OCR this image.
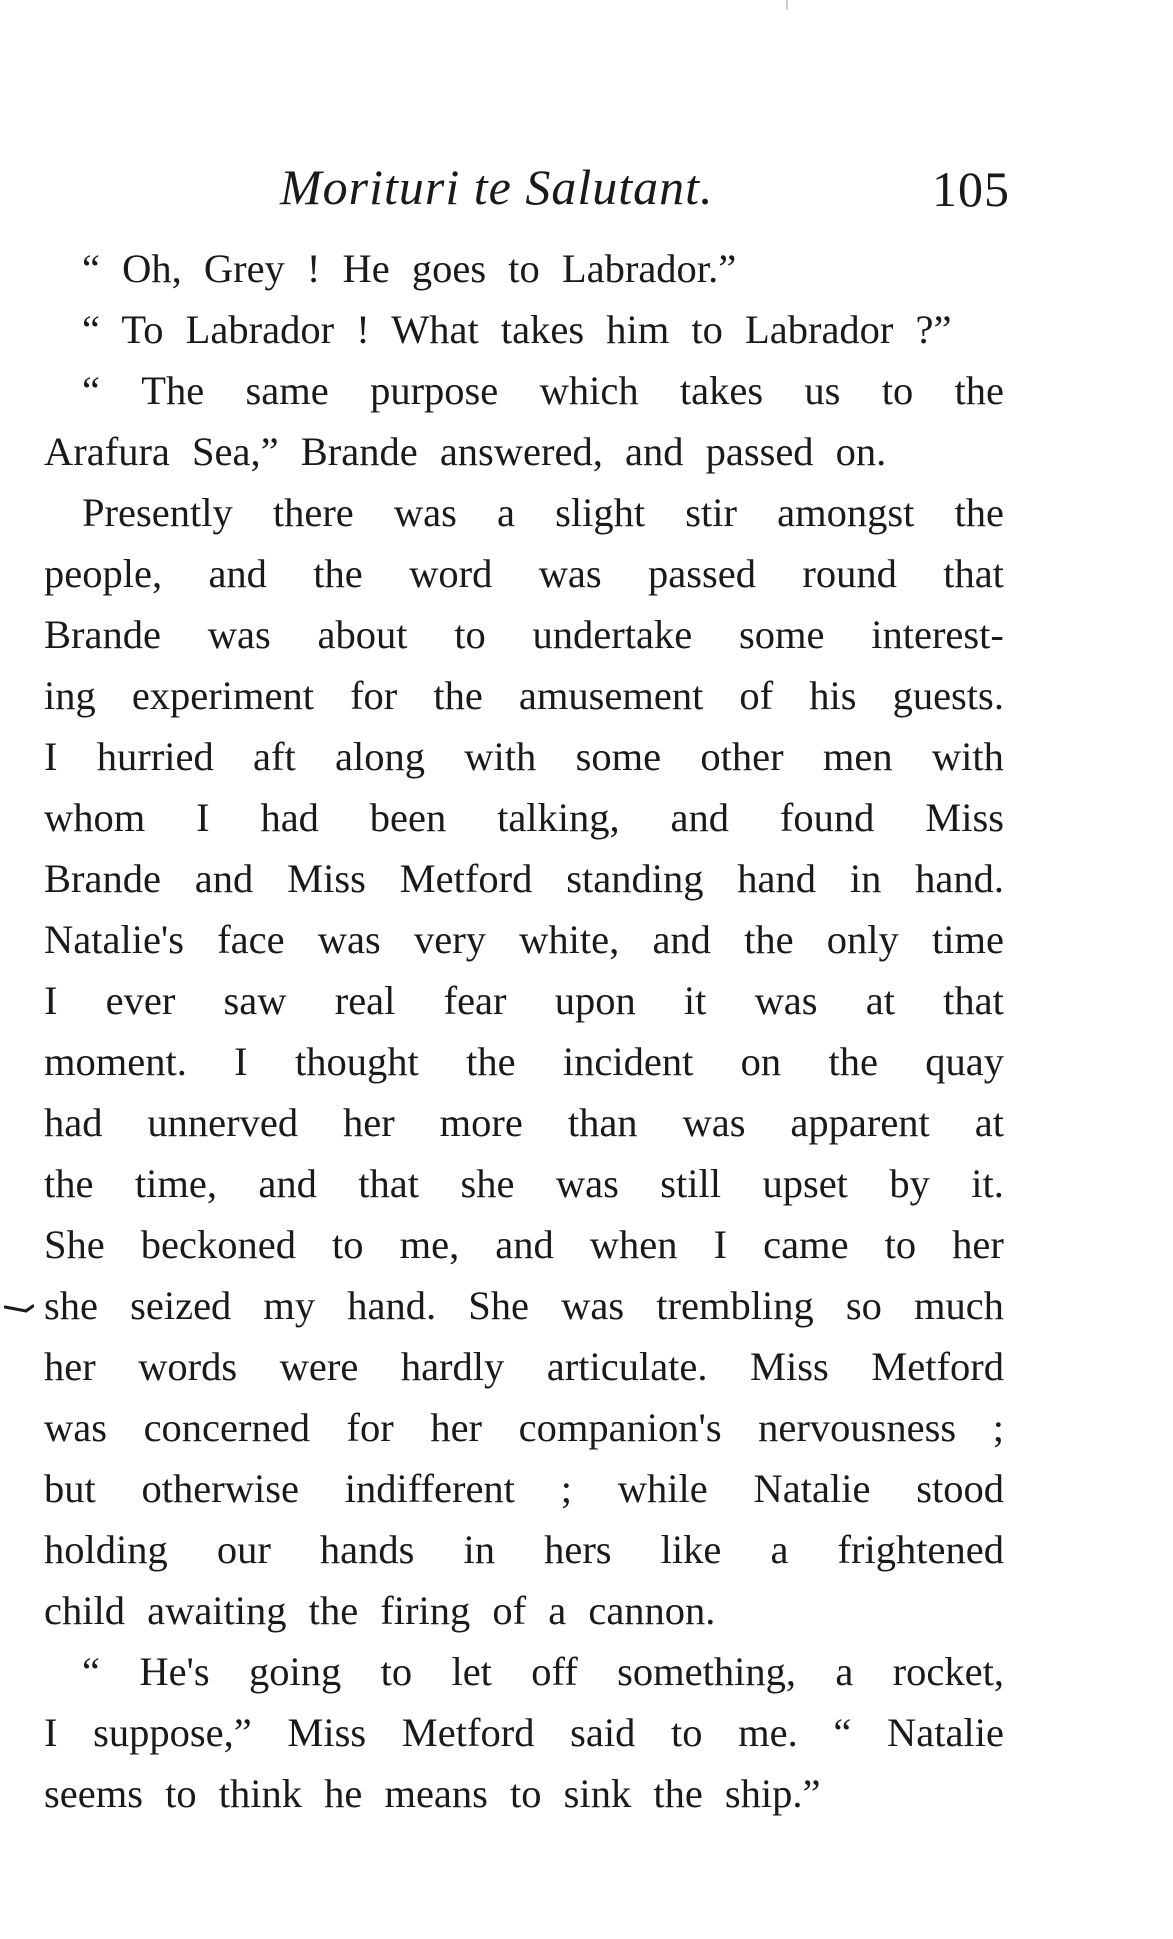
Morituri te Salutant.	105
“ Oh, Grey ! He goes to Labrador.”
“ To Labrador ! What takes him to Labrador ?”
“ The same purpose which takes us to the
Arafura Sea,” Brande answered, and passed on.
Presently there was a slight stir amongst the
people, and the word was passed round that
Brande was about to undertake some interest-
ing experiment for the amusement of his guests.
I hurried aft along with some other men with
whom I had been talking, and found Miss
Brande and Miss Metford standing hand in hand.
Natalie's face was very white, and the only time
I ever saw real fear upon it was at that
moment. I thought the incident on the quay
had unnerved her more than was apparent at
the time, and that she was still upset by it.
She beckoned to me, and when I came to her
she seized my hand. She was trembling so much
her words were hardly articulate. Miss Metford
was concerned for her companion's nervousness ;
but otherwise indifferent ; while Natalie stood
holding our hands in hers like a frightened
child awaiting the firing of a cannon.
“ He's going to let off something, a rocket,
I suppose,” Miss Metford said to me. “ Natalie
seems to think he means to sink the ship.”
